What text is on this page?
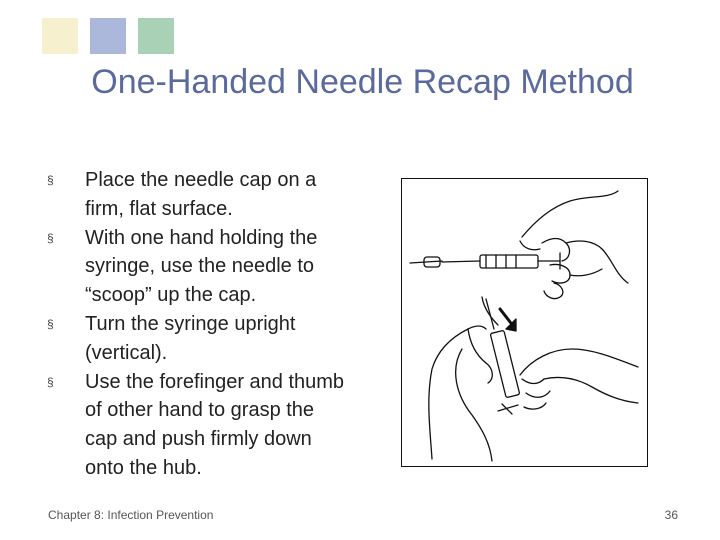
One-Handed Needle Recap Method
§ Place the needle cap on a firm, flat surface.
§ With one hand holding the syringe, use the needle to “scoop” up the cap.
§ Turn the syringe upright (vertical).
§ Use the forefinger and thumb of other hand to grasp the cap and push firmly down onto the hub.
Chapter 8: Infection Prevention	36
